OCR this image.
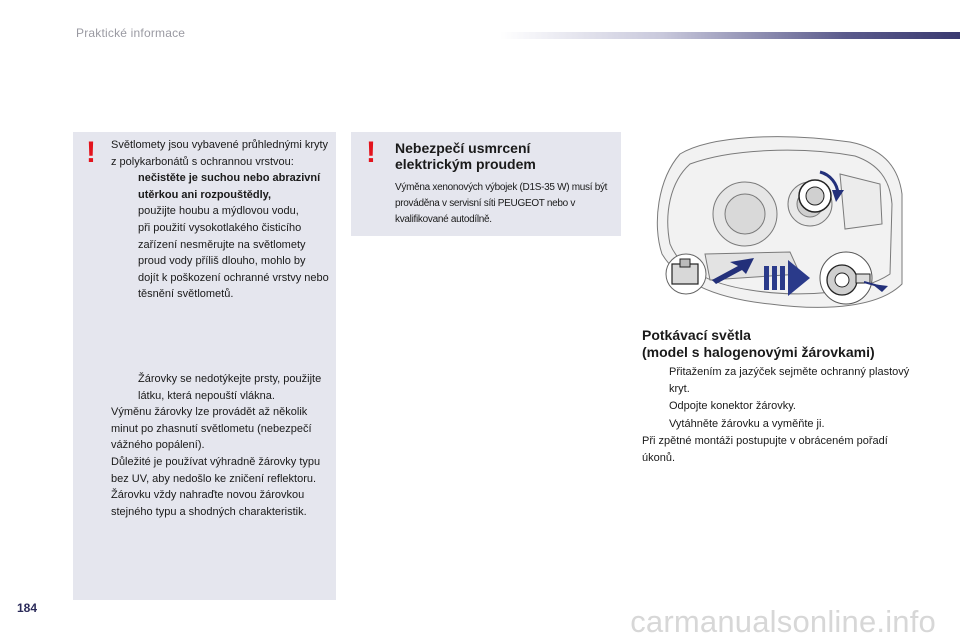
Praktické informace
! Světlomety jsou vybavené průhlednými kryty z polykarbonátů s ochrannou vrstvou:

nečistěte je suchou nebo abrazivní utěrkou ani rozpouštědly,
použijte houbu a mýdlovou vodu,
při použití vysokotlakého čisticího zařízení nesměrujte na světlomety proud vody příliš dlouho, mohlo by dojít k poškození ochranné vrstvy nebo těsnění světlometů.
Žárovky se nedotýkejte prsty, použijte látku, která nepouští vlákna.

Výměnu žárovky lze provádět až několik minut po zhasnutí světlometu (nebezpečí vážného popálení).

Důležité je používat výhradně žárovky typu bez UV, aby nedošlo ke zničení reflektoru.

Žárovku vždy nahraďte novou žárovkou stejného typu a shodných charakteristik.

! Nebezpečí usmrcení
elektrickým proudem
Výměna xenonových výbojek (D1S-35 W) musí být prováděna v servisní síti PEUGEOT nebo v kvalifikované autodílně.
Potkávací světla
(model s halogenovými žárovkami)
Přitažením za jazýček sejměte ochranný plastový kryt.
Odpojte konektor žárovky.
Vytáhněte žárovku a vyměňte ji.

Při zpětné montáži postupujte v obráceném pořadí úkonů.

184	carmanualsonline.info
